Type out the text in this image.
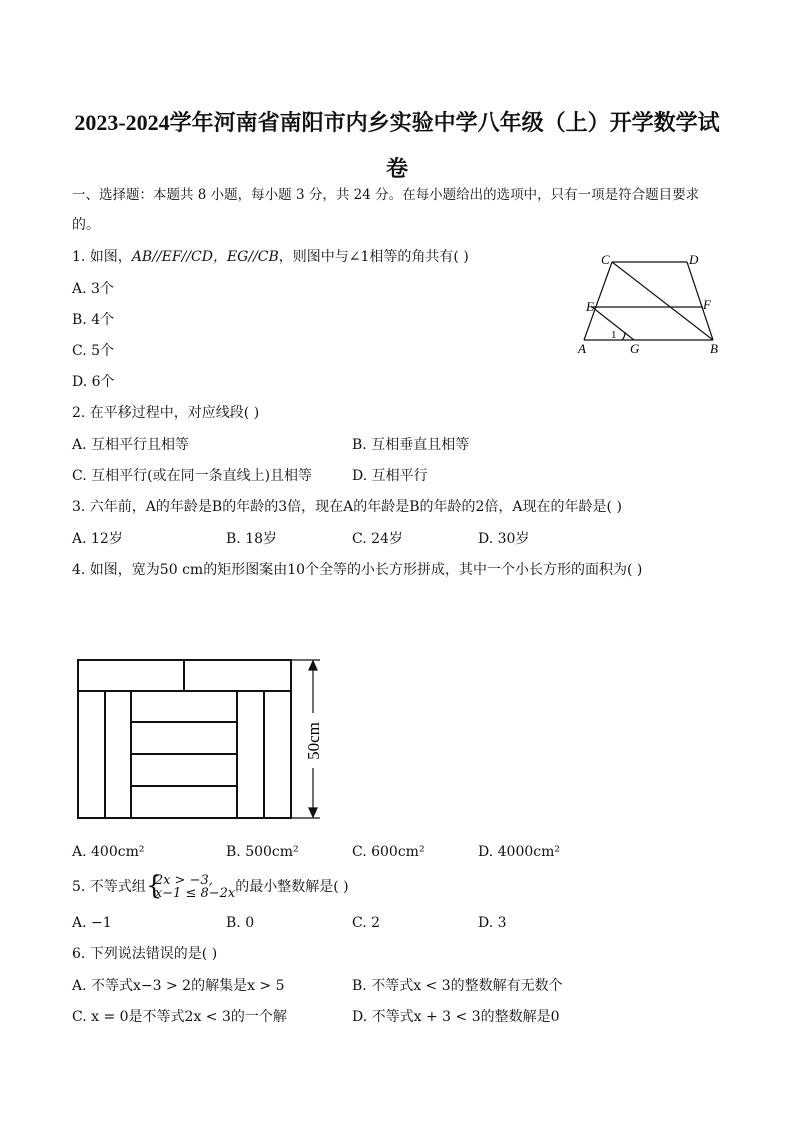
2023-2024学年河南省南阳市内乡实验中学八年级（上）开学数学试
卷
一、选择题：本题共 8 小题，每小题 3 分，共 24 分。在每小题给出的选项中，只有一项是符合题目要求
的。
1. 如图，AB//EF//CD，EG//CB，则图中与∠1相等的角共有( )
A. 3个
B. 4个
C. 5个
D. 6个
C	D
E	F
1
A	G	B
2. 在平移过程中，对应线段( )
A. 互相平行且相等	B. 互相垂直且相等
C. 互相平行(或在同一条直线上)且相等	D. 互相平行
3. 六年前，A的年龄是B的年龄的3倍，现在A的年龄是B的年龄的2倍，A现在的年龄是( )
A. 12岁	B. 18岁	C. 24岁	D. 30岁
4. 如图，宽为50 cm的矩形图案由10个全等的小长方形拼成，其中一个小长方形的面积为( )
50cm
A. 400cm²	B. 500cm²	C. 600cm²	D. 4000cm²
5. 不等式组 {
2x > −3,
x−1 ≤ 8−2x 的最小整数解是( )
A. −1	B. 0	C. 2	D. 3
6. 下列说法错误的是( )
A. 不等式x−3 > 2的解集是x > 5	B. 不等式x < 3的整数解有无数个
C. x = 0是不等式2x < 3的一个解	D. 不等式x + 3 < 3的整数解是0
